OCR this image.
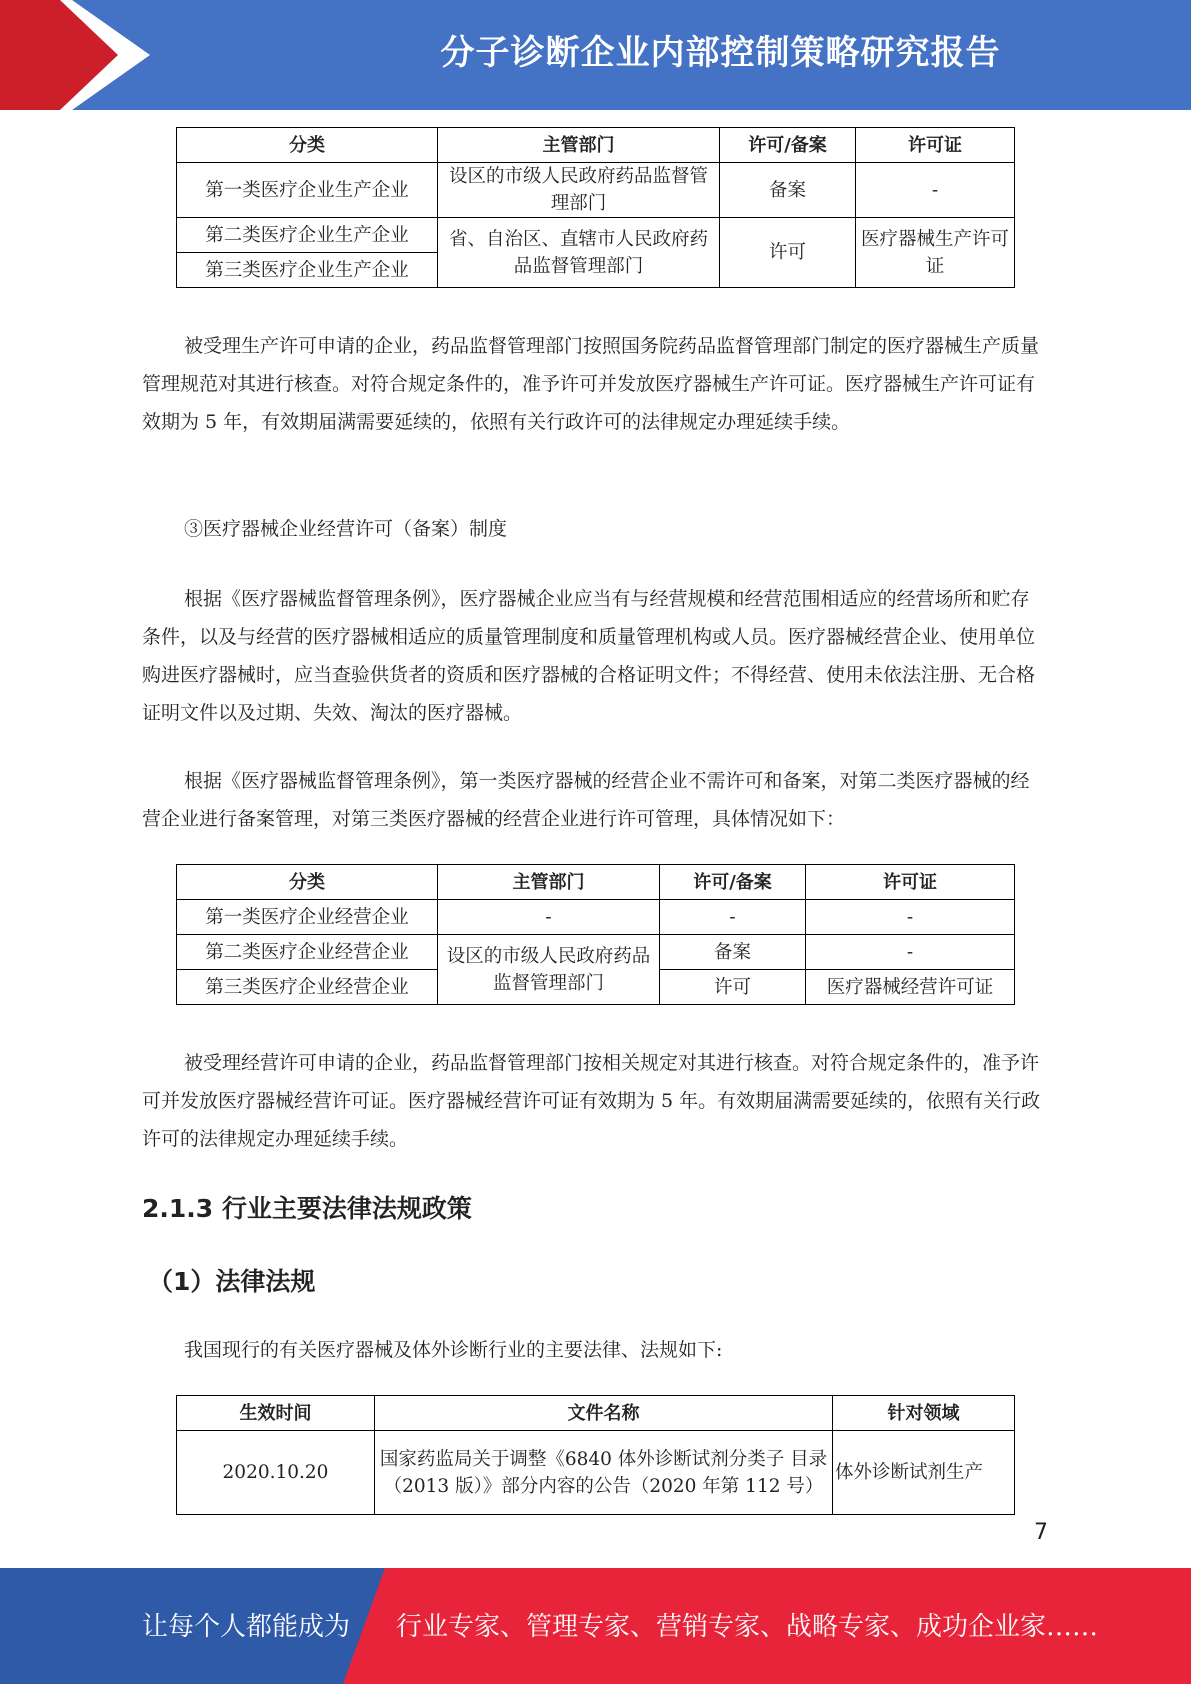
分子诊断企业内部控制策略研究报告
分类	主管部门	许可/备案	许可证
第一类医疗企业生产企业	设区的市级人民政府药品监督管理部门	备案	-
第二类医疗企业生产企业	省、自治区、直辖市人民政府药品监督管理部门	许可	医疗器械生产许可证
第三类医疗企业生产企业			

被受理生产许可申请的企业，药品监督管理部门按照国务院药品监督管理部门制定的医疗器械生产质量管理规范对其进行核查。对符合规定条件的，准予许可并发放医疗器械生产许可证。医疗器械生产许可证有效期为 5 年，有效期届满需要延续的，依照有关行政许可的法律规定办理延续手续。

③医疗器械企业经营许可（备案）制度

根据《医疗器械监督管理条例》，医疗器械企业应当有与经营规模和经营范围相适应的经营场所和贮存条件，以及与经营的医疗器械相适应的质量管理制度和质量管理机构或人员。医疗器械经营企业、使用单位购进医疗器械时，应当查验供货者的资质和医疗器械的合格证明文件；不得经营、使用未依法注册、无合格证明文件以及过期、失效、淘汰的医疗器械。

根据《医疗器械监督管理条例》，第一类医疗器械的经营企业不需许可和备案，对第二类医疗器械的经营企业进行备案管理，对第三类医疗器械的经营企业进行许可管理，具体情况如下：

分类	主管部门	许可/备案	许可证
第一类医疗企业经营企业	-	-	-
第二类医疗企业经营企业	设区的市级人民政府药品监督管理部门	备案	-
第三类医疗企业经营企业		许可	医疗器械经营许可证

被受理经营许可申请的企业，药品监督管理部门按相关规定对其进行核查。对符合规定条件的，准予许可并发放医疗器械经营许可证。医疗器械经营许可证有效期为 5 年。有效期届满需要延续的，依照有关行政许可的法律规定办理延续手续。

2.1.3 行业主要法律法规政策
（1）法律法规

我国现行的有关医疗器械及体外诊断行业的主要法律、法规如下:

生效时间	文件名称	针对领域
2020.10.20	国家药监局关于调整《6840 体外诊断试剂分类子 目录（2013 版）》部分内容的公告（2020 年第 112 号）	体外诊断试剂生产
7
让每个人都能成为 行业专家、管理专家、营销专家、战略专家、成功企业家……
